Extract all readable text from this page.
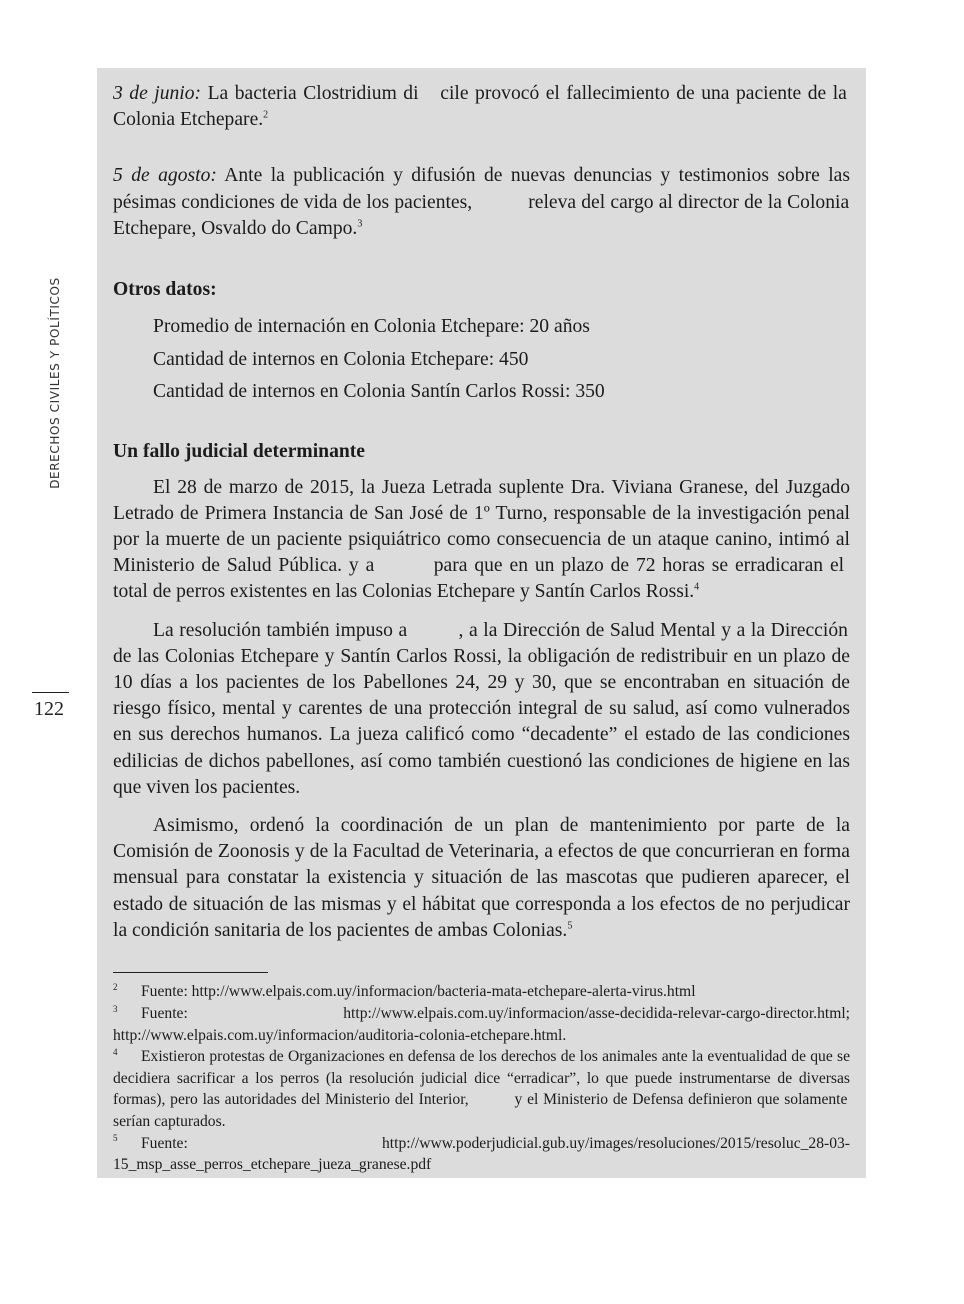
DERECHOS CIVILES Y POLÍTICOS
122

3 de junio: La bacteria Clostridium di⃞ cile provocó el fallecimiento de una paciente de la Colonia Etchepare.$^2$

5 de agosto: Ante la publicación y difusión de nuevas denuncias y testimonios sobre las pésimas condiciones de vida de los pacientes, ⃞⃞⃞ releva del cargo al director de la Colonia Etchepare, Osvaldo do Campo.$^3$

Otros datos:
Promedio de internación en Colonia Etchepare: 20 años
Cantidad de internos en Colonia Etchepare: 450
Cantidad de internos en Colonia Santín Carlos Rossi: 350
Un fallo judicial determinante

El 28 de marzo de 2015, la Jueza Letrada suplente Dra. Viviana Granese, del Juzgado Letrado de Primera Instancia de San José de 1º Turno, responsable de la investigación penal por la muerte de un paciente psiquiátrico como consecuencia de un ataque canino, intimó al Ministerio de Salud Pública. y a ⃞⃞⃞ para que en un plazo de 72 horas se erradicaran el total de perros existentes en las Colonias Etchepare y Santín Carlos Rossi.$^4$

La resolución también impuso a ⃞⃞⃞, a la Dirección de Salud Mental y a la Dirección de las Colonias Etchepare y Santín Carlos Rossi, la obligación de redistribuir en un plazo de 10 días a los pacientes de los Pabellones 24, 29 y 30, que se encontraban en situación de riesgo físico, mental y carentes de una protección integral de su salud, así como vulnerados en sus derechos humanos. La jueza calificó como “decadente” el estado de las condiciones edilicias de dichos pabellones, así como también cuestionó las condiciones de higiene en las que viven los pacientes.

Asimismo, ordenó la coordinación de un plan de mantenimiento por parte de la Comisión de Zoonosis y de la Facultad de Veterinaria, a efectos de que concurrieran en forma mensual para constatar la existencia y situación de las mascotas que pudieren aparecer, el estado de situación de las mismas y el hábitat que corresponda a los efectos de no perjudicar la condición sanitaria de los pacientes de ambas Colonias.$^5$

2 Fuente: http://www.elpais.com.uy/informacion/bacteria-mata-etchepare-alerta-virus.html

3 Fuente: http://www.elpais.com.uy/informacion/asse-decidida-relevar-cargo-director.html; http://www.elpais.com.uy/informacion/auditoria-colonia-etchepare.html.

4 Existieron protestas de Organizaciones en defensa de los derechos de los animales ante la eventualidad de que se decidiera sacrificar a los perros (la resolución judicial dice “erradicar”, lo que puede instrumentarse de diversas formas), pero las autoridades del Ministerio del Interior, ⃞⃞⃞ y el Ministerio de Defensa definieron que solamente serían capturados.

5 Fuente: http://www.poderjudicial.gub.uy/images/resoluciones/2015/resoluc_28-03-15_msp_asse_perros_etchepare_jueza_granese.pdf
